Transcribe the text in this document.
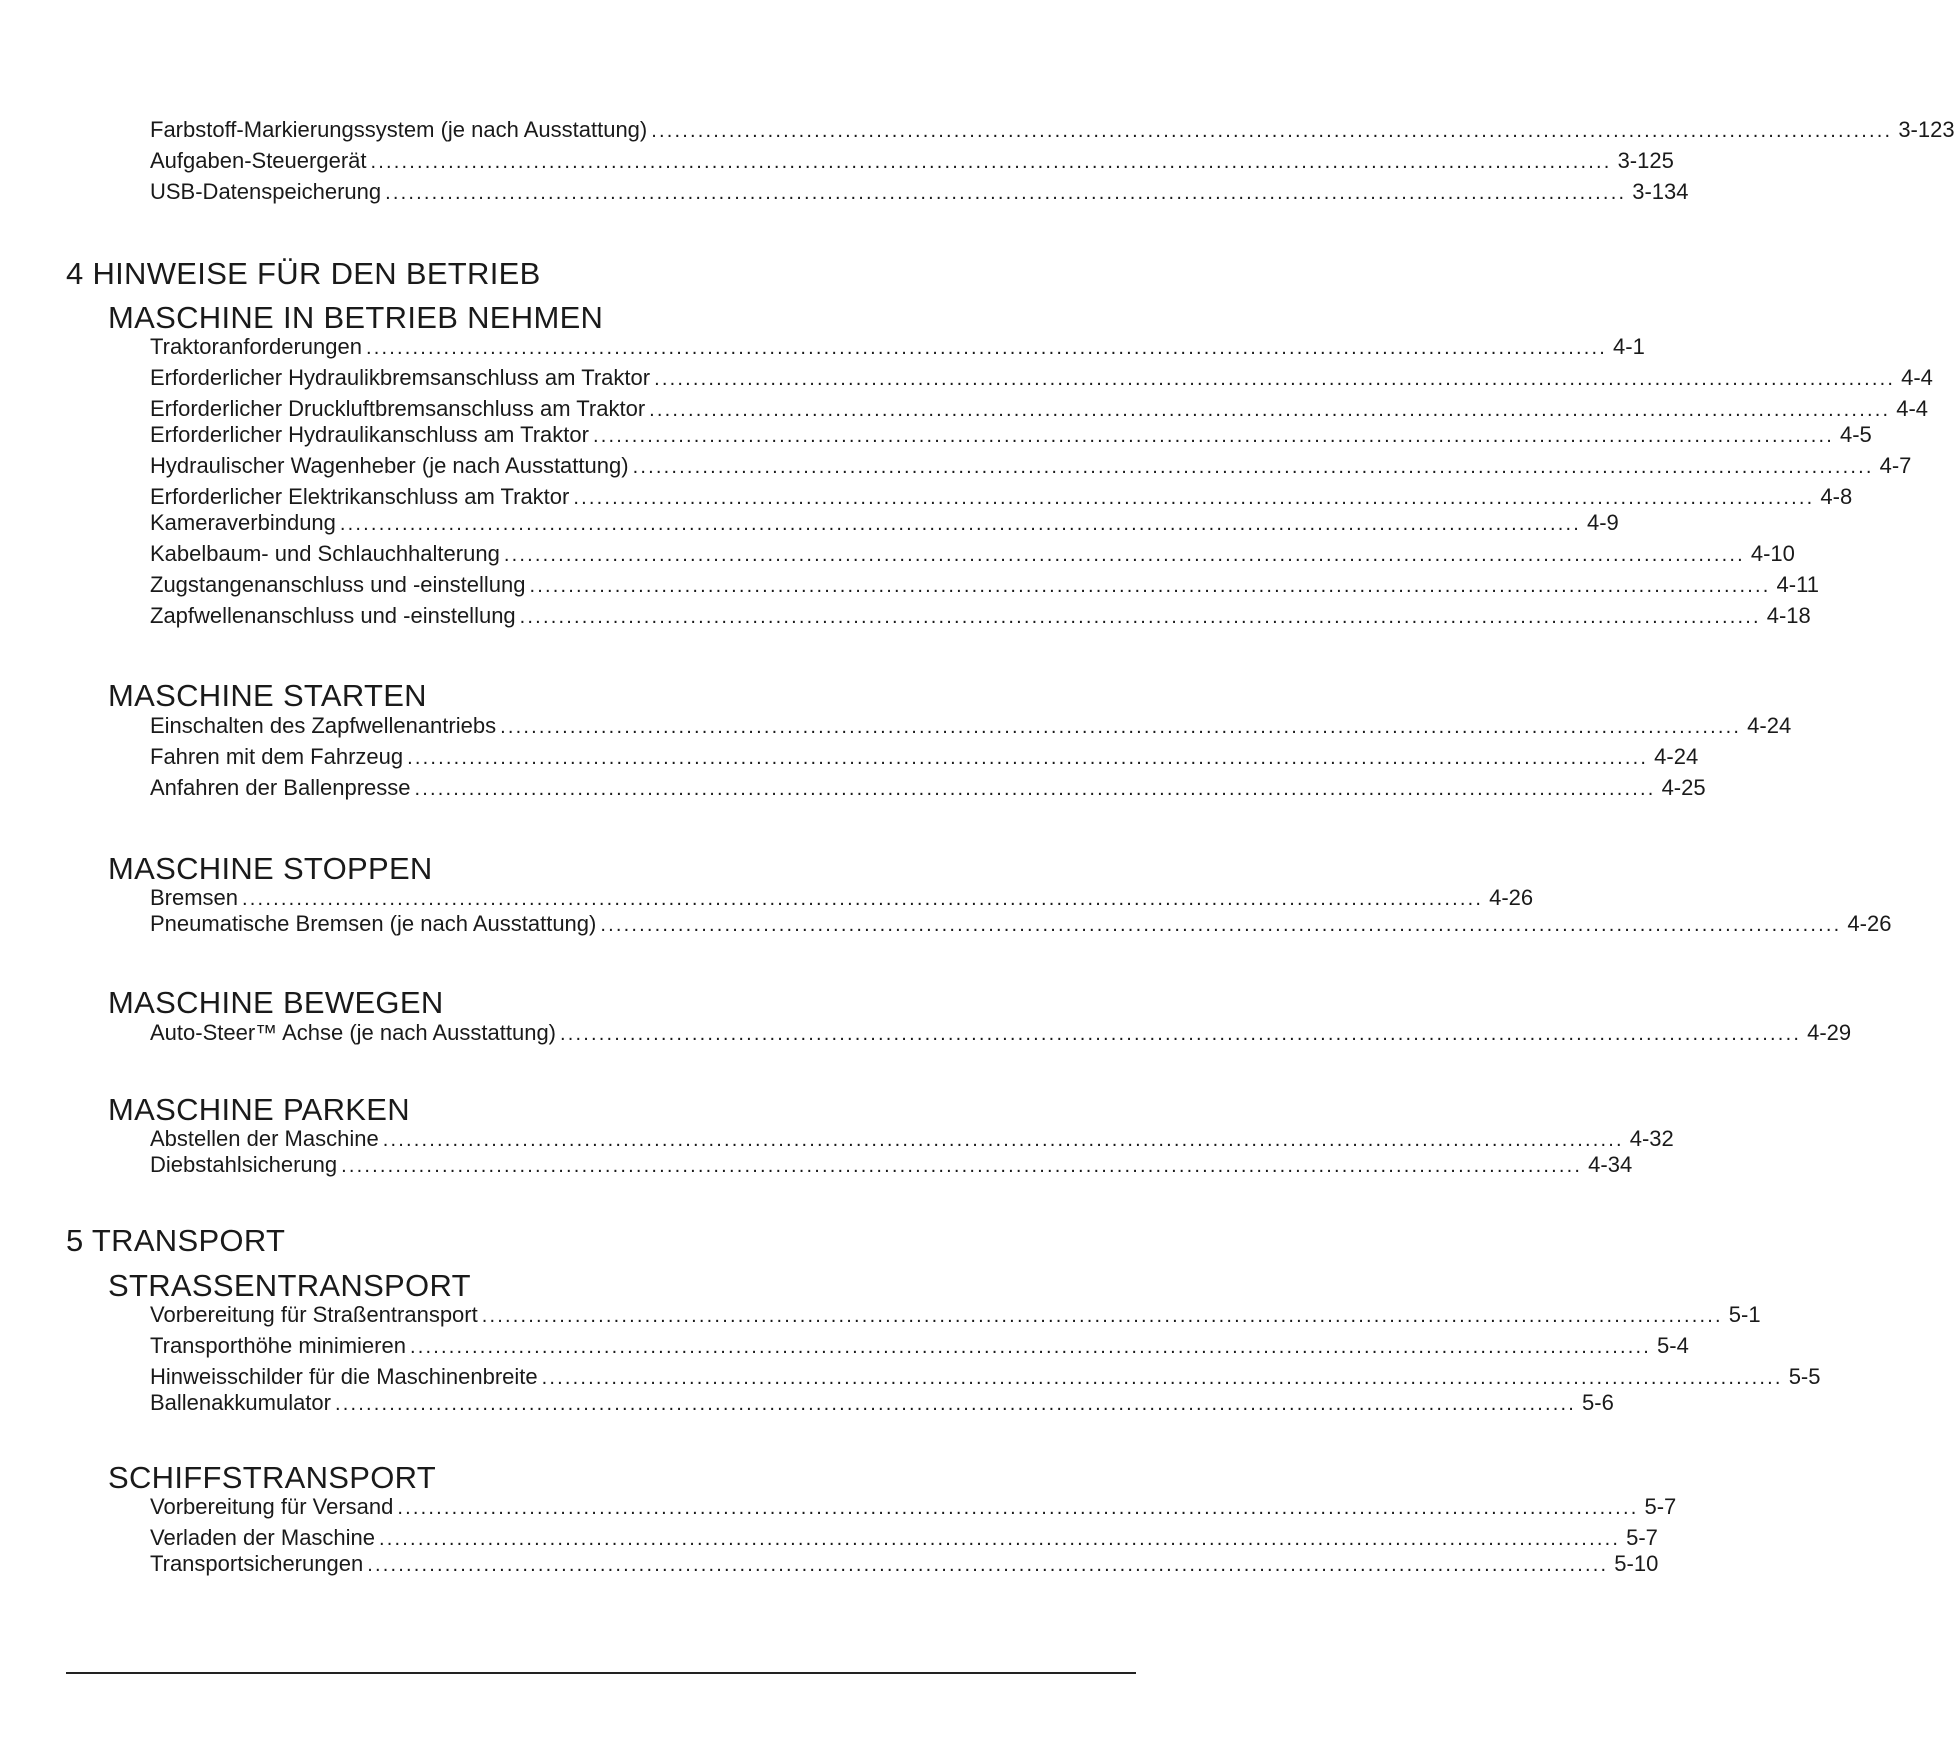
Farbstoff-Markierungssystem (je nach Ausstattung) ................................................................................................................................................................ 3-123
Aufgaben-Steuergerät ................................................................................................................................................................ 3-125
USB-Datenspeicherung ................................................................................................................................................................ 3-134
4 HINWEISE FÜR DEN BETRIEB
MASCHINE IN BETRIEB NEHMEN
Traktoranforderungen ................................................................................................................................................................ 4-1
Erforderlicher Hydraulikbremsanschluss am Traktor ................................................................................................................................................................ 4-4
Erforderlicher Druckluftbremsanschluss am Traktor ................................................................................................................................................................ 4-4
Erforderlicher Hydraulikanschluss am Traktor ................................................................................................................................................................ 4-5
Hydraulischer Wagenheber (je nach Ausstattung) ................................................................................................................................................................ 4-7
Erforderlicher Elektrikanschluss am Traktor ................................................................................................................................................................ 4-8
Kameraverbindung ................................................................................................................................................................ 4-9
Kabelbaum- und Schlauchhalterung ................................................................................................................................................................ 4-10
Zugstangenanschluss und -einstellung ................................................................................................................................................................ 4-11
Zapfwellenanschluss und -einstellung ................................................................................................................................................................ 4-18
MASCHINE STARTEN
Einschalten des Zapfwellenantriebs ................................................................................................................................................................ 4-24
Fahren mit dem Fahrzeug ................................................................................................................................................................ 4-24
Anfahren der Ballenpresse ................................................................................................................................................................ 4-25
MASCHINE STOPPEN
Bremsen ................................................................................................................................................................ 4-26
Pneumatische Bremsen (je nach Ausstattung) ................................................................................................................................................................ 4-26
MASCHINE BEWEGEN
Auto-Steer™ Achse (je nach Ausstattung) ................................................................................................................................................................ 4-29
MASCHINE PARKEN
Abstellen der Maschine ................................................................................................................................................................ 4-32
Diebstahlsicherung ................................................................................................................................................................ 4-34
5 TRANSPORT
STRASSENTRANSPORT
Vorbereitung für Straßentransport ................................................................................................................................................................ 5-1
Transporthöhe minimieren ................................................................................................................................................................ 5-4
Hinweisschilder für die Maschinenbreite ................................................................................................................................................................ 5-5
Ballenakkumulator ................................................................................................................................................................ 5-6
SCHIFFSTRANSPORT
Vorbereitung für Versand ................................................................................................................................................................ 5-7
Verladen der Maschine ................................................................................................................................................................ 5-7
Transportsicherungen ................................................................................................................................................................ 5-10
